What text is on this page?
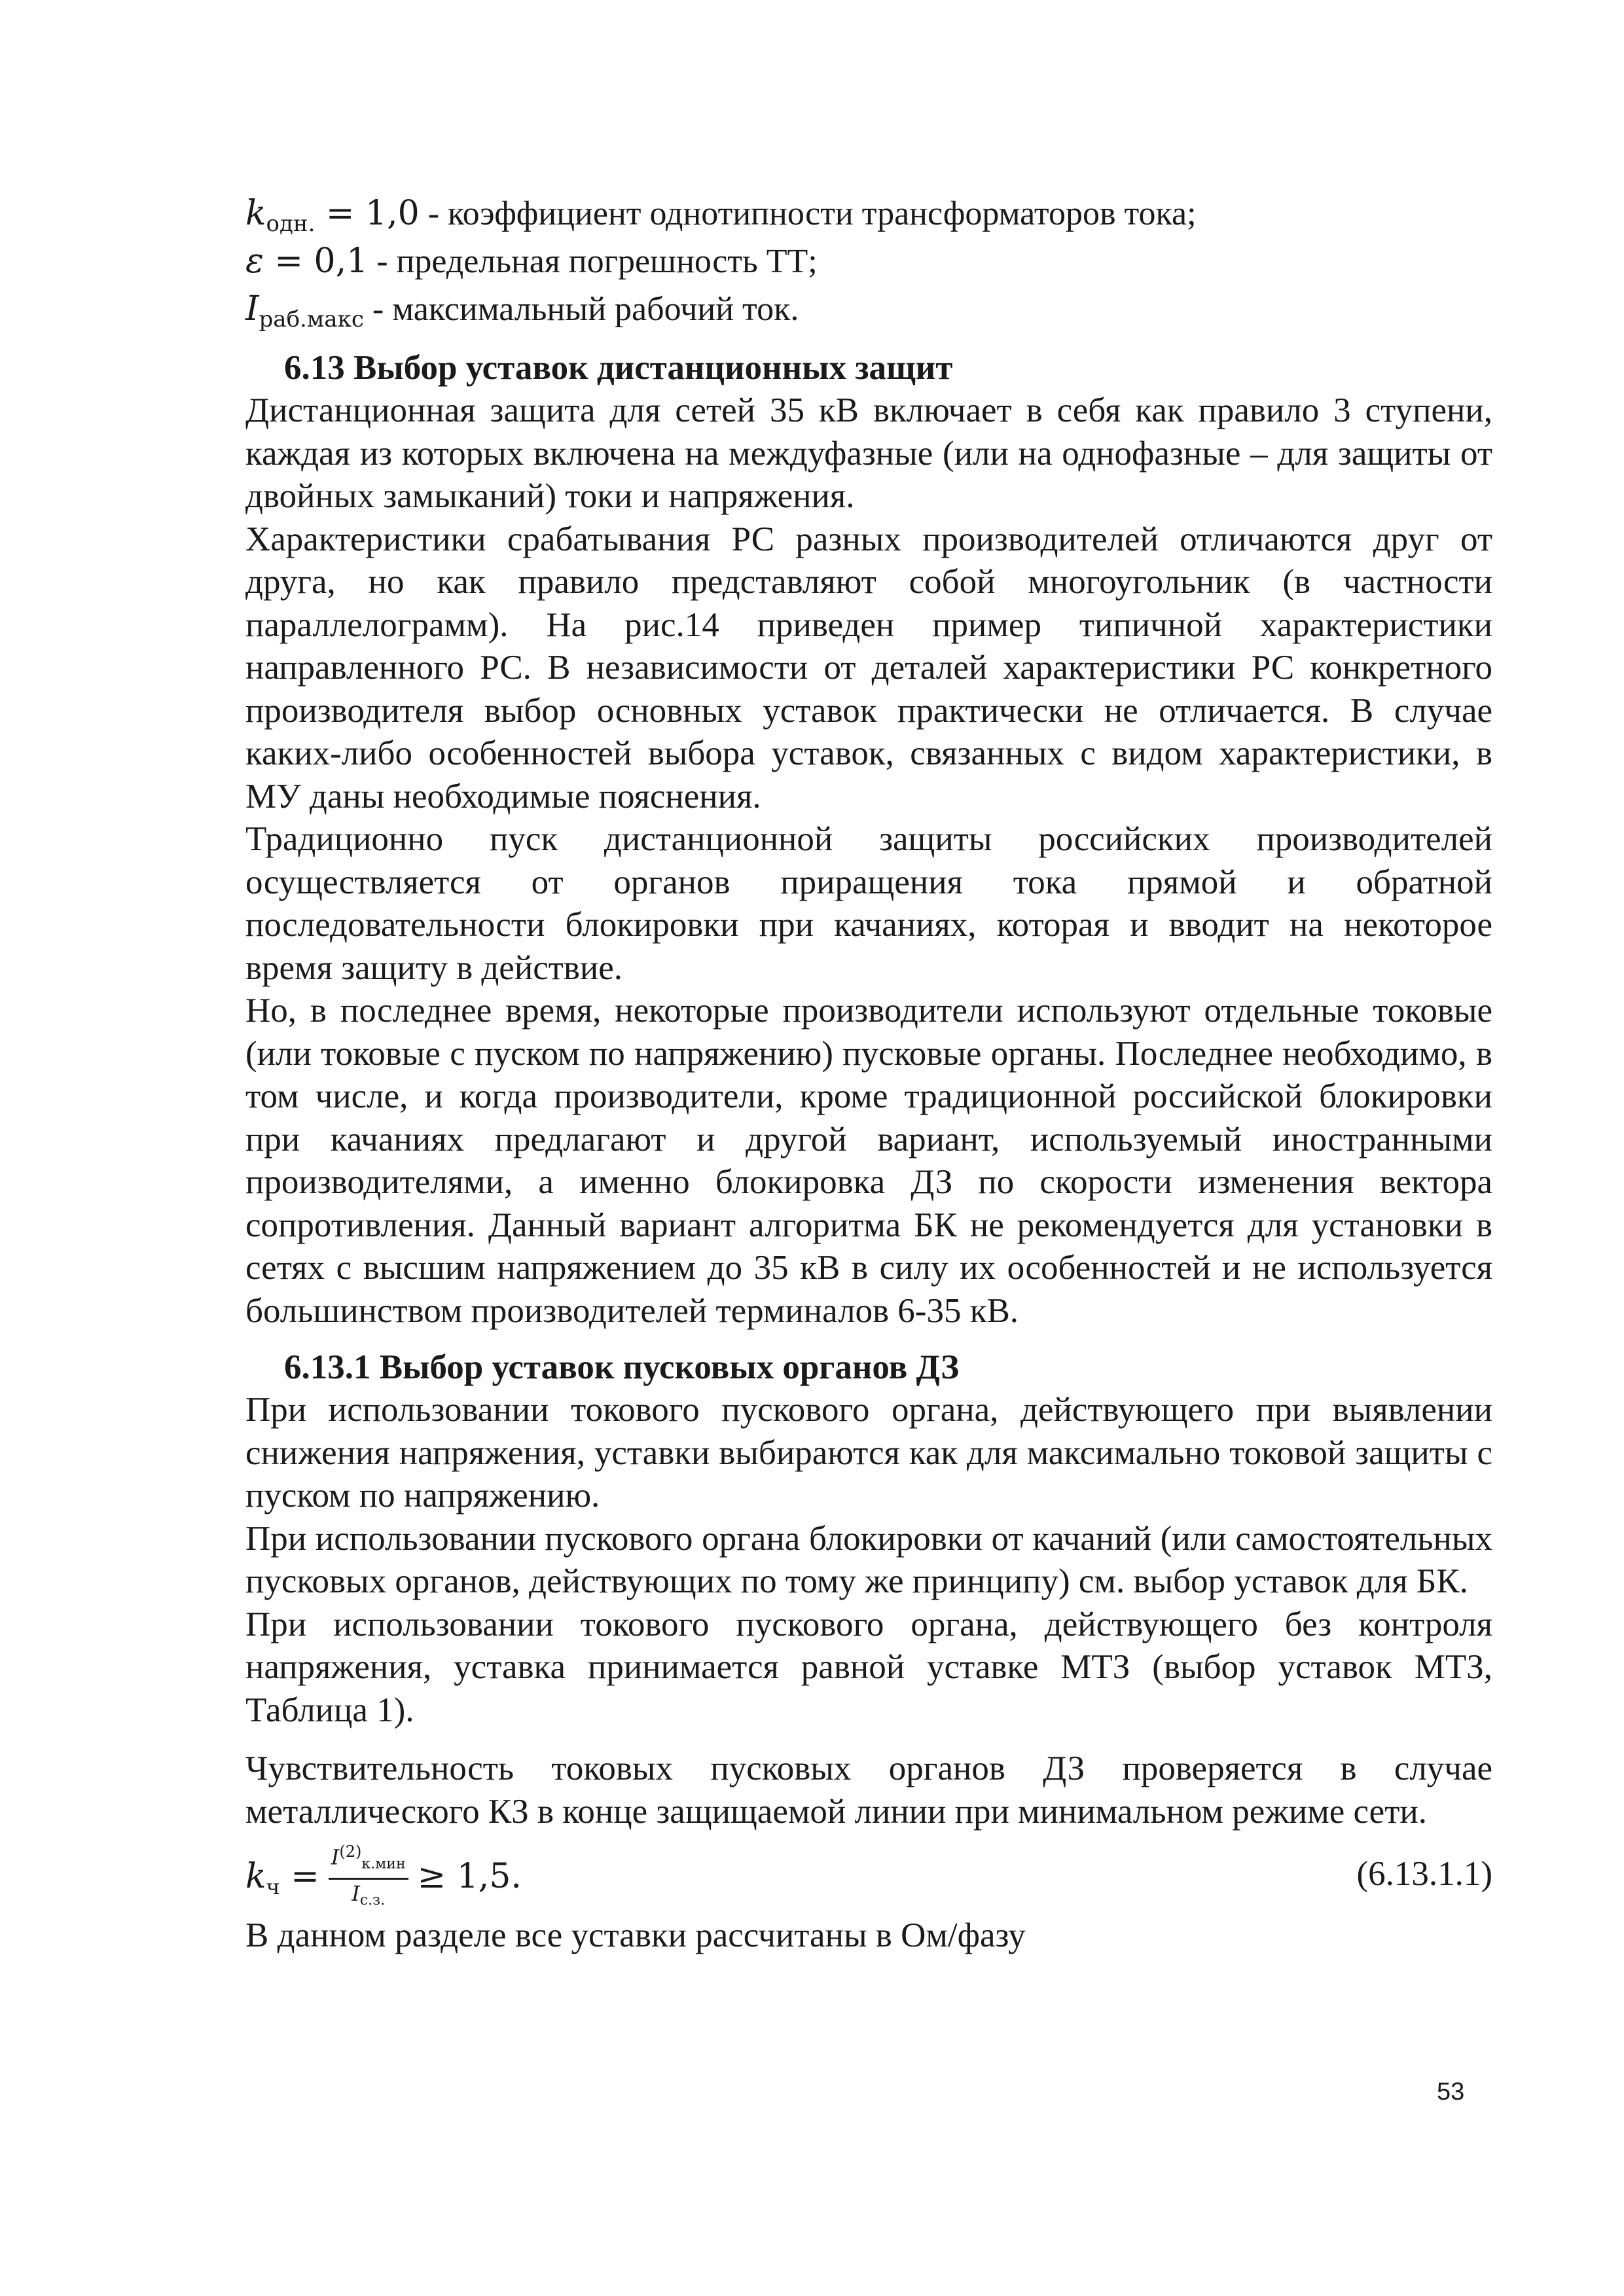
$k_{одн.} = 1,0$ - коэффициент однотипности трансформаторов тока;
ε = 0,1 - предельная погрешность ТТ;
$I_{раб.макс}$ - максимальный рабочий ток.
6.13 Выбор уставок дистанционных защит

Дистанционная защита для сетей 35 кВ включает в себя как правило 3 ступени, каждая из которых включена на междуфазные (или на однофазные – для защиты от двойных замыканий) токи и напряжения.

Характеристики срабатывания РС разных производителей отличаются друг от друга, но как правило представляют собой многоугольник (в частности параллелограмм). На рис.14 приведен пример типичной характеристики направленного РС. В независимости от деталей характеристики РС конкретного производителя выбор основных уставок практически не отличается. В случае каких-либо особенностей выбора уставок, связанных с видом характеристики, в МУ даны необходимые пояснения.

Традиционно пуск дистанционной защиты российских производителей осуществляется от органов приращения тока прямой и обратной последовательности блокировки при качаниях, которая и вводит на некоторое время защиту в действие.

Но, в последнее время, некоторые производители используют отдельные токовые (или токовые с пуском по напряжению) пусковые органы. Последнее необходимо, в том числе, и когда производители, кроме традиционной российской блокировки при качаниях предлагают и другой вариант, используемый иностранными производителями, а именно блокировка ДЗ по скорости изменения вектора сопротивления. Данный вариант алгоритма БК не рекомендуется для установки в сетях с высшим напряжением до 35 кВ в силу их особенностей и не используется большинством производителей терминалов 6-35 кВ.

6.13.1 Выбор уставок пусковых органов ДЗ

При использовании токового пускового органа, действующего при выявлении снижения напряжения, уставки выбираются как для максимально токовой защиты с пуском по напряжению.

При использовании пускового органа блокировки от качаний (или самостоятельных пусковых органов, действующих по тому же принципу) см. выбор уставок для БК.

При использовании токового пускового органа, действующего без контроля напряжения, уставка принимается равной уставке МТЗ (выбор уставок МТЗ, Таблица 1).

Чувствительность токовых пусковых органов ДЗ проверяется в случае металлического КЗ в конце защищаемой линии при минимальном режиме сети.

$k_ч = \frac{I^{(2)}_{к.мин}}{I_{с.з.}} \ge 1,5$.	(6.13.1.1)

В данном разделе все уставки рассчитаны в Ом/фазу

53
